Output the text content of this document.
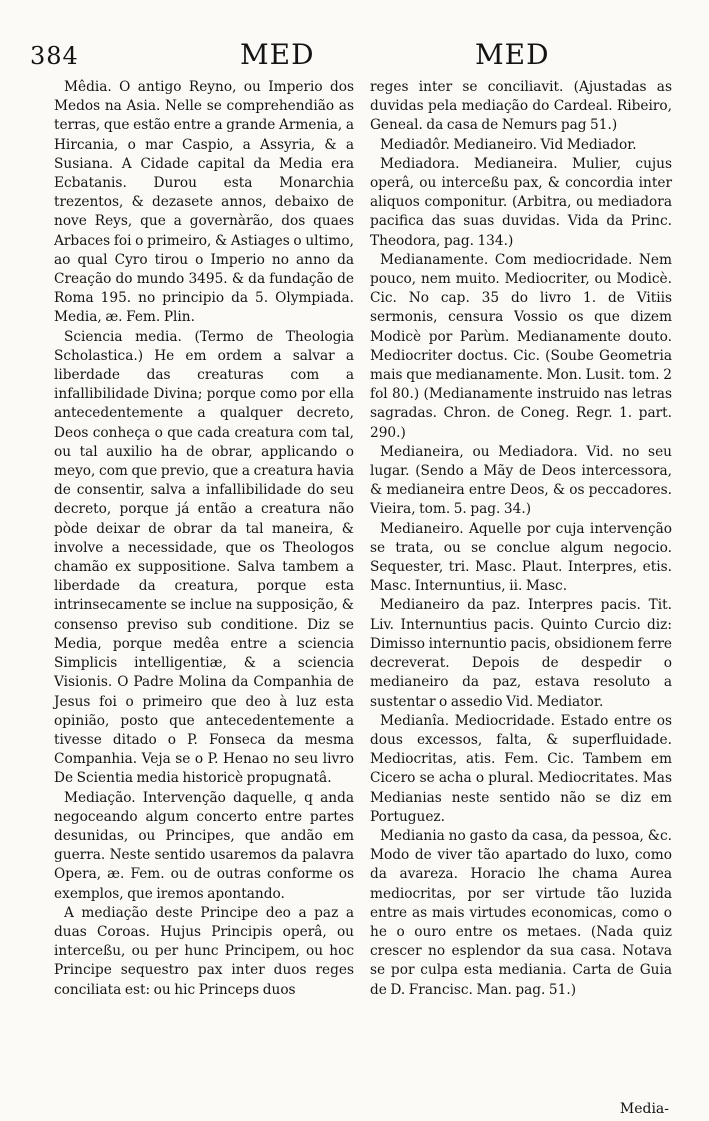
384	MED	MED

Mêdia. O antigo Reyno, ou Imperio dos Medos na Asia. Nelle se comprehendião as terras, que estão entre a grande Armenia, a Hircania, o mar Caspio, a Assyria, & a Susiana. A Cidade capital da Media era Ecbatanis. Durou esta Monarchia trezentos, & dezasete annos, debaixo de nove Reys, que a governàrão, dos quaes Arbaces foi o primeiro, & Astiages o ultimo, ao qual Cyro tirou o Imperio no anno da Creação do mundo 3495. & da fundação de Roma 195. no principio da 5. Olympiada. Media, æ. Fem. Plin.

Sciencia media. (Termo de Theologia Scholastica.) He em ordem a salvar a liberdade das creaturas com a infallibilidade Divina; porque como por ella antecedentemente a qualquer decreto, Deos conheça o que cada creatura com tal, ou tal auxilio ha de obrar, applicando o meyo, com que previo, que a creatura havia de consentir, salva a infallibilidade do seu decreto, porque já então a creatura não pòde deixar de obrar da tal maneira, & involve a necessidade, que os Theologos chamão ex suppositione. Salva tambem a liberdade da creatura, porque esta intrinsecamente se inclue na supposição, & consenso previso sub conditione. Diz se Media, porque medêa entre a sciencia Simplicis intelligentiæ, & a sciencia Visionis. O Padre Molina da Companhia de Jesus foi o primeiro que deo à luz esta opinião, posto que antecedentemente a tivesse ditado o P. Fonseca da mesma Companhia. Veja se o P. Henao no seu livro De Scientia media historicè propugnatâ.

Mediação. Intervenção daquelle, q anda negoceando algum concerto entre partes desunidas, ou Principes, que andão em guerra. Neste sentido usaremos da palavra Opera, æ. Fem. ou de outras conforme os exemplos, que iremos apontando.

A mediação deste Principe deo a paz a duas Coroas. Hujus Principis operâ, ou interceßu, ou per hunc Principem, ou hoc Principe sequestro pax inter duos reges conciliata est: ou hic Princeps duos

reges inter se conciliavit. (Ajustadas as duvidas pela mediação do Cardeal. Ribeiro, Geneal. da casa de Nemurs pag 51.)

Mediadôr. Medianeiro. Vid Mediador.

Mediadora. Medianeira. Mulier, cujus operâ, ou interceßu pax, & concordia inter aliquos componitur. (Arbitra, ou mediadora pacifica das suas duvidas. Vida da Princ. Theodora, pag. 134.)

Medianamente. Com mediocridade. Nem pouco, nem muito. Mediocriter, ou Modicè. Cic. No cap. 35 do livro 1. de Vitiis sermonis, censura Vossio os que dizem Modicè por Parùm. Medianamente douto. Mediocriter doctus. Cic. (Soube Geometria mais que medianamente. Mon. Lusit. tom. 2 fol 80.) (Medianamente instruido nas letras sagradas. Chron. de Coneg. Regr. 1. part. 290.)

Medianeira, ou Mediadora. Vid. no seu lugar. (Sendo a Mãy de Deos intercessora, & medianeira entre Deos, & os peccadores. Vieira, tom. 5. pag. 34.)

Medianeiro. Aquelle por cuja intervenção se trata, ou se conclue algum negocio. Sequester, tri. Masc. Plaut. Interpres, etis. Masc. Internuntius, ii. Masc.

Medianeiro da paz. Interpres pacis. Tit. Liv. Internuntius pacis. Quinto Curcio diz: Dimisso internuntio pacis, obsidionem ferre decreverat. Depois de despedir o medianeiro da paz, estava resoluto a sustentar o assedio Vid. Mediator.

Medianîa. Mediocridade. Estado entre os dous excessos, falta, & superfluidade. Mediocritas, atis. Fem. Cic. Tambem em Cicero se acha o plural. Mediocritates. Mas Medianias neste sentido não se diz em Portuguez.

Mediania no gasto da casa, da pessoa, &c. Modo de viver tão apartado do luxo, como da avareza. Horacio lhe chama Aurea mediocritas, por ser virtude tão luzida entre as mais virtudes economicas, como o he o ouro entre os metaes. (Nada quiz crescer no esplendor da sua casa. Notava se por culpa esta mediania. Carta de Guia de D. Francisc. Man. pag. 51.)

Media-
